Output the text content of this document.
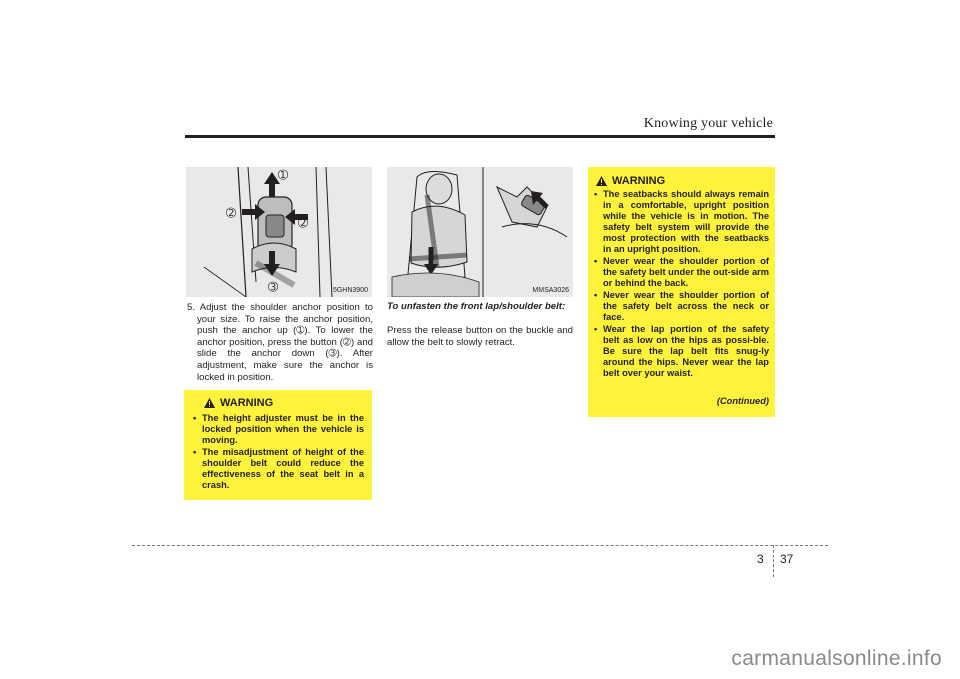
Knowing your vehicle
➀
➁
➁
➂	5GHN3900	MMSA3026
5. Adjust the shoulder anchor position to your size. To raise the anchor position, push the anchor up (➀). To lower the anchor position, press the button (➁) and slide the anchor down (➂). After adjustment, make sure the anchor is locked in position.
To unfasten the front lap/shoulder belt:
Press the release button on the buckle and allow the belt to slowly retract.
WARNING
• The height adjuster must be in the locked position when the vehicle is moving.
• The misadjustment of height of the shoulder belt could reduce the effectiveness of the seat belt in a crash.
WARNING
• The seatbacks should always remain in a comfortable, upright position while the vehicle is in motion. The safety belt system will provide the most protection with the seatbacks in an upright position.
• Never wear the shoulder portion of the safety belt under the out-side arm or behind the back.
• Never wear the shoulder portion of the safety belt across the neck or face.
• Wear the lap portion of the safety belt as low on the hips as possi-ble. Be sure the lap belt fits snug-ly around the hips. Never wear the lap belt over your waist.
(Continued)
3 37
carmanualsonline.info
